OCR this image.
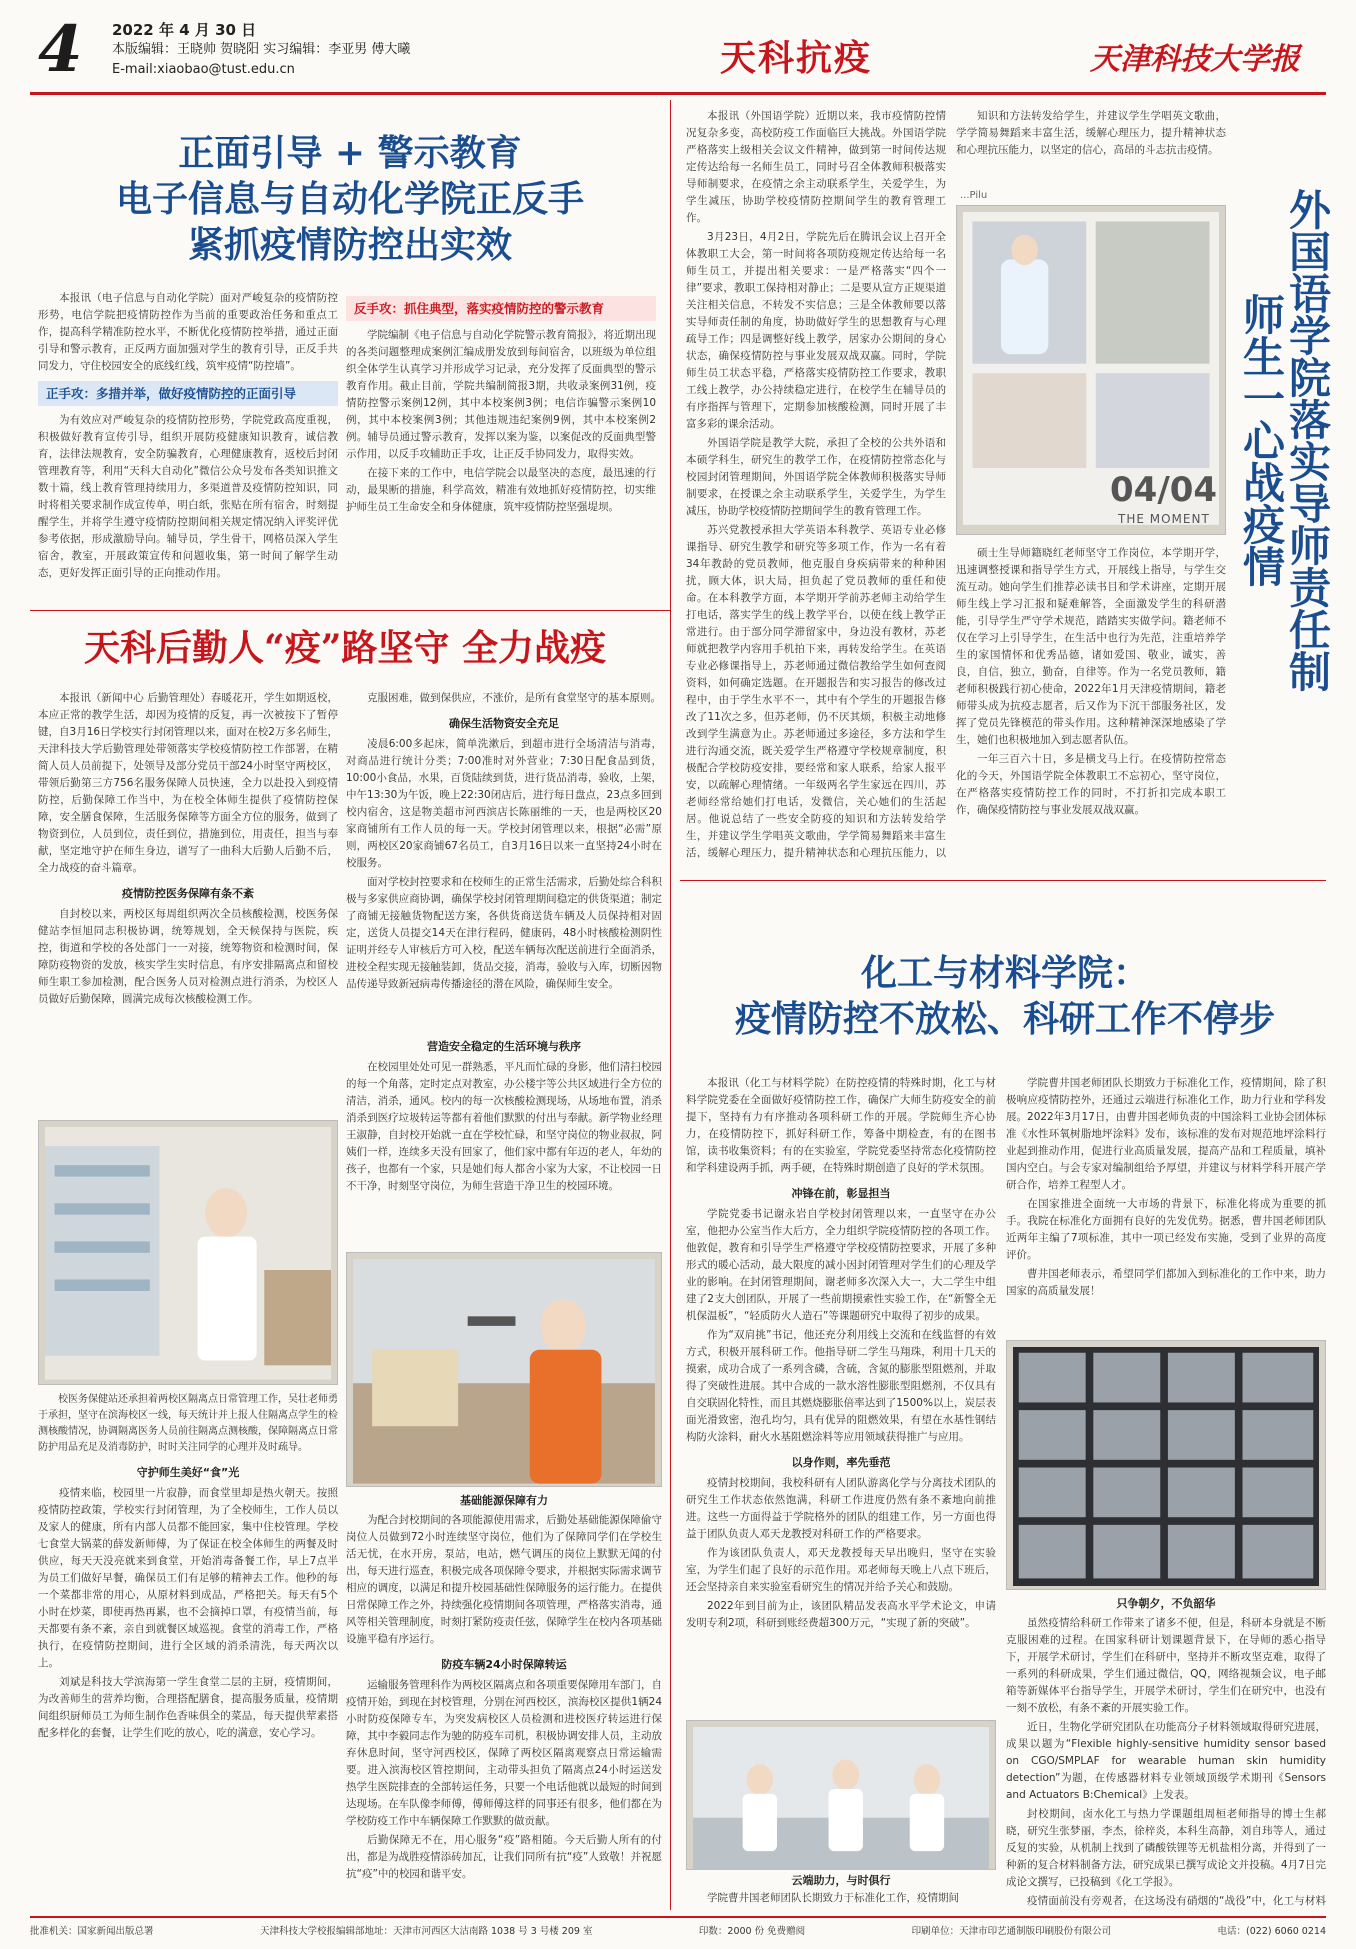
4	2022 年 4 月 30 日
本版编辑：王晓帅 贺晓阳 实习编辑：李亚男 傅大曦
E-mail:xiaobao@tust.edu.cn	天科抗疫	天津科技大学报
正面引导 + 警示教育
电子信息与自动化学院正反手
紧抓疫情防控出实效

本报讯（电子信息与自动化学院）面对严峻复杂的疫情防控形势，电信学院把疫情防控作为当前的重要政治任务和重点工作，提高科学精准防控水平，不断优化疫情防控举措，通过正面引导和警示教育，正反两方面加强对学生的教育引导，正反手共同发力，守住校园安全的底线红线，筑牢疫情“防控墙”。

正手攻：多措并举，做好疫情防控的正面引导

为有效应对严峻复杂的疫情防控形势，学院党政高度重视，积极做好教育宣传引导，组织开展防疫健康知识教育，诚信教育，法律法规教育，安全防骗教育，心理健康教育，返校后封闭管理教育等，利用“天科大自动化”微信公众号发布各类知识推文数十篇，线上教育管理持续用力，多渠道普及疫情防控知识，同时将相关要求制作成宣传单，明白纸，张贴在所有宿舍，时刻提醒学生，并将学生遵守疫情防控期间相关规定情况纳入评奖评优参考依据，形成激励导向。辅导员，学生骨干，网格员深入学生宿舍，教室，开展政策宣传和问题收集，第一时间了解学生动态，更好发挥正面引导的正向推动作用。

反手攻：抓住典型，落实疫情防控的警示教育

学院编制《电子信息与自动化学院警示教育简报》，将近期出现的各类问题整理成案例汇编成册发放到每间宿舍，以班级为单位组织全体学生认真学习并形成学习记录，充分发挥了反面典型的警示教育作用。截止目前，学院共编制简报3期，共收录案例31例，疫情防控警示案例12例，其中本校案例3例；电信诈骗警示案例10例，其中本校案例3例；其他违规违纪案例9例，其中本校案例2例。辅导员通过警示教育，发挥以案为鉴，以案促改的反面典型警示作用，以反手攻辅助正手攻，让正反手协同发力，取得实效。

在接下来的工作中，电信学院会以最坚决的态度，最迅速的行动，最果断的措施，科学高效，精准有效地抓好疫情防控，切实维护师生员工生命安全和身体健康，筑牢疫情防控坚强堤坝。

天科后勤人“疫”路坚守 全力战疫

本报讯（新闻中心 后勤管理处）春暖花开，学生如期返校，本应正常的教学生活，却因为疫情的反复，再一次被按下了暂停键，自3月16日学校实行封闭管理以来，面对在校2万多名师生，天津科技大学后勤管理处带领落实学校疫情防控工作部署，在精简人员人员前提下，处领导及部分党员干部24小时坚守两校区，带领后勤第三方756名服务保障人员快速，全力以赴投入到疫情防控，后勤保障工作当中，为在校全体师生提供了疫情防控保障，安全膳食保障，生活服务保障等方面全方位的服务，做到了物资到位，人员到位，责任到位，措施到位，用责任，担当与奉献，坚定地守护在师生身边，谱写了一曲科大后勤人后勤不后，全力战疫的奋斗篇章。

疫情防控医务保障有条不紊

自封校以来，两校区每周组织两次全员核酸检测，校医务保健站李恒旭同志积极协调，统筹规划，全天候保持与医院，疾控，街道和学校的各处部门一一对接，统筹物资和检测时间，保障防疫物资的发放，核实学生实时信息，有序安排隔离点和留校师生职工参加检测，配合医务人员对检测点进行消杀，为校区人员做好后勤保障，圆满完成每次核酸检测工作。

校医务保健站还承担着两校区隔离点日常管理工作，吴壮老师勇于承担，坚守在滨海校区一线，每天统计并上报人住隔离点学生的检测核酸情况，协调隔离医务人员前往隔离点测核酸，保障隔离点日常防护用品充足及消毒防护，时时关注同学的心理并及时疏导。

守护师生美好“食”光

疫情来临，校园里一片寂静，而食堂里却是热火朝天。按照疫情防控政策，学校实行封闭管理，为了全校师生，工作人员以及家人的健康，所有内部人员都不能回家，集中住校管理。学校七食堂大锅菜的薛发新师傅，为了保证在校全体师生的两餐及时供应，每天天没亮就来到食堂，开始消毒备餐工作，早上7点半为员工们做好早餐，确保员工们有足够的精神去工作。他秒的每一个菜都非常的用心，从原材料到成品，严格把关。每天有5个小时在炒菜，即使再热再累，也不会摘掉口罩，有疫情当前，每天都要有条不紊，亲自到就餐区域巡视。食堂的消毒工作，严格执行，在疫情防控期间，进行全区域的消杀清洗，每天两次以上。

刘斌是科技大学滨海第一学生食堂二层的主厨，疫情期间，为改善师生的营养均衡，合理搭配膳食，提高服务质量，疫情期间组织厨师员工为师生制作色香味俱全的菜品，每天提供荤素搭配多样化的套餐，让学生们吃的放心，吃的满意，安心学习。

克服困难，做到保供应，不涨价，是所有食堂坚守的基本原则。

确保生活物资安全充足

凌晨6:00多起床，简单洗漱后，到超市进行全场清洁与消毒，对商品进行统计分类；7:00准时对外营业；7:30日配食品到货，10:00小食品，水果，百货陆续到货，进行货品消毒，验收，上架，中午13:30为午饭，晚上22:30闭店后，进行每日盘点，23点多回到校内宿舍，这是物美超市河西滨店长陈丽维的一天，也是两校区20家商铺所有工作人员的每一天。学校封闭管理以来，根据“必需”原则，两校区20家商铺67名员工，自3月16日以来一直坚持24小时在校服务。

面对学校封控要求和在校师生的正常生活需求，后勤处综合科积极与多家供应商协调，确保学校封闭管理期间稳定的供货渠道；制定了商铺无接触货物配送方案，各供货商送货车辆及人员保持相对固定，送货人员提交14天在津行程码，健康码，48小时核酸检测阴性证明并经专人审核后方可入校，配送车辆每次配送前进行全面消杀，进校全程实现无接触装卸，货品交接，消毒，验收与入库，切断因物品传递导致新冠病毒传播途径的潜在风险，确保师生安全。

营造安全稳定的生活环境与秩序

在校园里处处可见一群熟悉，平凡而忙碌的身影，他们清扫校园的每一个角落，定时定点对教室，办公楼宇等公共区域进行全方位的清洁，消杀，通风。校内的每一次核酸检测现场，从场地布置，消杀消杀到医疗垃圾转运等都有着他们默默的付出与奉献。新学物业经理王淑静，自封校开始就一直在学校忙碌，和坚守岗位的物业叔叔，阿姨们一样，连续多天没有回家了，他们家中都有年迈的老人，年幼的孩子，也都有一个家，只是她们每人都舍小家为大家，不让校园一日不干净，时刻坚守岗位，为师生营造干净卫生的校园环境。

基础能源保障有力

为配合封校期间的各项能源使用需求，后勤处基础能源保障偷守岗位人员做到72小时连续坚守岗位，他们为了保障同学们在学校生活无忧，在水开房，泵站，电站，燃气调压的岗位上默默无闻的付出，每天进行巡查，积极完成各项保障令要求，并根据实际需求调节相应的调度，以满足和提升校园基础性保障服务的运行能力。在提供日常保障工作之外，持续强化疫情期间各项管理，严格落实消毒，通风等相关管理制度，时刻打紧防疫责任弦，保障学生在校内各项基础设施平稳有序运行。

防疫车辆24小时保障转运

运输服务管理科作为两校区隔离点和各项重要保障用车部门，自疫情开始，到现在封校管理，分别在河西校区，滨海校区提供1辆24小时防疫保障专车，为突发病校区人员检测和进校医疗转运进行保障，其中李毅同志作为驰的防疫车司机，积极协调安排人员，主动放弃休息时间，坚守河西校区，保障了两校区隔离观察点日常运输需要。进入滨海校区管控期间，主动带头担负了隔离点24小时运送发热学生医院排查的全部转运任务，只要一个电话他就以最短的时间到达现场。在车队像李师傅，傅师傅这样的同事还有很多，他们都在为学校防疫工作中车辆保障工作默默的做贡献。

后勤保障无不在，用心服务“疫”路相随。今天后勤人所有的付出，都是为战胜疫情添砖加瓦，让我们同所有抗“疫”人致敬！并祝愿抗“疫”中的校园和谐平安。

本报讯（外国语学院）近期以来，我市疫情防控情况复杂多变，高校防疫工作面临巨大挑战。外国语学院严格落实上级相关会议文件精神，做到第一时间传达规定传达给每一名师生员工，同时号召全体教师积极落实导师制要求，在疫情之余主动联系学生，关爱学生，为学生减压，协助学校疫情防控期间学生的教育管理工作。

3月23日，4月2日，学院先后在腾讯会议上召开全体教职工大会，第一时间将各项防疫规定传达给每一名师生员工，并提出相关要求：一是严格落实“四个一律”要求，教职工保持相对静止；二是要从宣方正规渠道关注相关信息，不转发不实信息；三是全体教师要以落实导师责任制的角度，协助做好学生的思想教育与心理疏导工作；四是调整好线上教学，居家办公期间的身心状态，确保疫情防控与事业发展双战双赢。同时，学院师生员工状态平稳，严格落实疫情防控工作要求，教职工线上教学，办公持续稳定进行，在校学生在辅导员的有序指挥与管理下，定期参加核酸检测，同时开展了丰富多彩的课余活动。

外国语学院是教学大院，承担了全校的公共外语和本硕学科生，研究生的教学工作，在疫情防控常态化与校园封闭管理期间，外国语学院全体教师积极落实导师制要求，在授课之余主动联系学生，关爱学生，为学生减压，协助学校疫情防控期间学生的教育管理工作。

苏兴党教授承担大学英语本科教学、英语专业必修课指导、研究生教学和研究等多项工作，作为一名有着34年教龄的党员教师，他克服自身疾病带来的种种困扰，顾大体，识大局，担负起了党员教师的重任和使命。在本科教学方面，本学期开学前苏老师主动给学生打电话，落实学生的线上教学平台，以使在线上教学正常进行。由于部分同学滞留家中，身边没有教材，苏老师就把教学内容用手机拍下来，再转发给学生。在英语专业必修课指导上，苏老师通过微信教给学生如何查阅资料，如何确定选题。在开题报告和实习报告的修改过程中，由于学生水平不一，其中有个学生的开题报告修改了11次之多，但苏老师，仍不厌其烦，积极主动地修改到学生满意为止。苏老师通过多途径，多方法和学生进行沟通交流，既关爱学生严格遵守学校规章制度，积极配合学校防疫安排，要经常和家人联系，给家人报平安，以疏解心理情绪。一年级两名学生家远在四川，苏老师经常给她们打电话，发微信，关心她们的生活起居。他说总结了一些安全防疫的知识和方法转发给学生，并建议学生学唱英文歌曲，学学简易舞蹈来丰富生活，缓解心理压力，提升精神状态和心理抗压能力，以

知识和方法转发给学生，并建议学生学唱英文歌曲，学学简易舞蹈来丰富生活，缓解心理压力，提升精神状态和心理抗压能力，以坚定的信心，高昂的斗志抗击疫情。

...Pilu
04/04
THE MOMENT

硕士生导师籍晓红老师坚守工作岗位，本学期开学，迅速调整授课和指导学生方式，开展线上指导，与学生交流互动。她向学生们推荐必读书目和学术讲座，定期开展师生线上学习汇报和疑难解答，全面激发学生的科研潜能，引导学生严守学术规范，踏踏实实做学问。籍老师不仅在学习上引导学生，在生活中也行为先范，注重培养学生的家国情怀和优秀品德，诸如爱国、敬业，诚实，善良，自信，独立，勤奋，自律等。作为一名党员教师，籍老师积极践行初心使命，2022年1月天津疫情期间，籍老师带头成为抗疫志愿者，后又作为下沉干部服务社区，发挥了党员先锋模范的带头作用。这种精神深深地感染了学生，她们也积极地加入到志愿者队伍。

一年三百六十日，多是横戈马上行。在疫情防控常态化的今天，外国语学院全体教职工不忘初心，坚守岗位，在严格落实疫情防控工作的同时，不打折扣完成本职工作，确保疫情防控与事业发展双战双赢。

外国语学院落实导师责任制 师生一心战疫情
化工与材料学院：
疫情防控不放松、科研工作不停步

本报讯（化工与材料学院）在防控疫情的特殊时期，化工与材料学院党委在全面做好疫情防控工作，确保广大师生防疫安全的前提下，坚持有力有序推动各项科研工作的开展。学院师生齐心协力，在疫情防控下，抓好科研工作，筹备中期检查，有的在图书馆，读书收集资料；有的在实验室，学院党委坚持常态化疫情防控和学科建设两手抓，两手硬，在特殊时期创造了良好的学术氛围。

冲锋在前，彰显担当

学院党委书记谢永岩自学校封闭管理以来，一直坚守在办公室，他把办公室当作大后方，全力组织学院疫情防控的各项工作。他敦促，教育和引导学生严格遵守学校疫情防控要求，开展了多种形式的暖心活动，最大限度的减小因封闭管理对学生们的心理及学业的影响。在封闭管理期间，谢老师多次深入大一，大二学生中组建了2支大创团队，开展了一些前期摸索性实验工作，在“新警全无机保温板”，“轻质防火人造石”等课题研究中取得了初步的成果。

作为“双肩挑”书记，他还充分利用线上交流和在线监督的有效方式，积极开展科研工作。他指导研二学生马翔珠，利用十几天的摸索，成功合成了一系列含磷，含硫，含氮的膨胀型阻燃剂，并取得了突破性进展。其中合成的一款水溶性膨胀型阻燃剂，不仅具有自交联固化特性，而且其燃烧膨胀倍率达到了1500%以上，炭层表面光滑致密，泡孔均匀，具有优异的阻燃效果，有望在水基性钢结构防火涂料，耐火水基阻燃涂料等应用领域获得推广与应用。

以身作则，率先垂范

疫情封校期间，我校科研有人团队游离化学与分离技术团队的研究生工作状态依然饱满，科研工作进度仍然有条不紊地向前推进。这些一方面得益于学院格外的团队的组建工作，另一方面也得益于团队负责人邓天龙教授对科研工作的严格要求。

作为该团队负责人，邓天龙教授每天早出晚归，坚守在实验室，为学生们起了良好的示范作用。邓老师每天晚上八点下班后，还会坚持亲自来实验室看研究生的情况并给予关心和鼓励。

2022年到目前为止，该团队精品发表高水平学术论文，申请发明专利2项，科研到账经费超300万元，“实现了新的突破”。

云端助力，与时俱行

学院曹井国老师团队长期致力于标准化工作，疫情期间

学院曹井国老师团队长期致力于标准化工作，疫情期间，除了积极响应疫情防控外，还通过云端进行标准化工作，助力行业和学科发展。2022年3月17日，由曹井国老师负责的中国涂料工业协会团体标准《水性环氧树脂地坪涂料》发布，该标准的发布对规范地坪涂料行业起到推动作用，促进行业高质量发展，提高产品和工程质量，填补国内空白。与会专家对编制组给予厚望，并建议与材料学科开展产学研合作，培养工程型人才。

在国家推进全面统一大市场的背景下，标准化将成为重要的抓手。我院在标准化方面拥有良好的先发优势。据悉，曹井国老师团队近两年主编了7项标准，其中一项已经发布实施，受到了业界的高度评价。

曹井国老师表示，希望同学们都加入到标准化的工作中来，助力国家的高质量发展！

只争朝夕，不负韶华

虽然疫情给科研工作带来了诸多不便，但是，科研本身就是不断克服困难的过程。在国家科研计划课题背景下，在导师的悉心指导下，开展学术研讨，学生们在科研中，坚持并不断攻坚克难，取得了一系列的科研成果，学生们通过微信，QQ，网络视频会议，电子邮箱等新媒体平台指导学生，开展学术研讨，学生们在研究中，也没有一刻不放松，有条不紊的开展实验工作。

近日，生物化学研究团队在功能高分子材料领域取得研究进展，成果以题为“Flexible highly-sensitive humidity sensor based on CGO/SMPLAF for wearable human skin humidity detection”为题，在传感器材料专业领域顶级学术期刊《Sensors and Actuators B:Chemical》上发表。

封校期间，卤水化工与热力学课题组周桓老师指导的博士生郝晓，研究生张梦丽，李杰，徐梓炎，本科生高静，刘自玮等人，通过反复的实验，从机制上找到了磷酸铁锂等无机盐相分离，并得到了一种新的复合材料制备方法，研究成果已撰写成论文并投稿。4月7日完成论文撰写，已投稿到《化工学报》。

疫情面前没有旁观者，在这场没有硝烟的“战役”中，化工与材料

批准机关：国家新闻出版总署	天津科技大学校报编辑部地址：天津市河西区大沽南路 1038 号 3 号楼 209 室	印数：2000 份 免费赠阅	印刷单位：天津市印艺通制版印刷股份有限公司	电话：(022) 6060 0214
